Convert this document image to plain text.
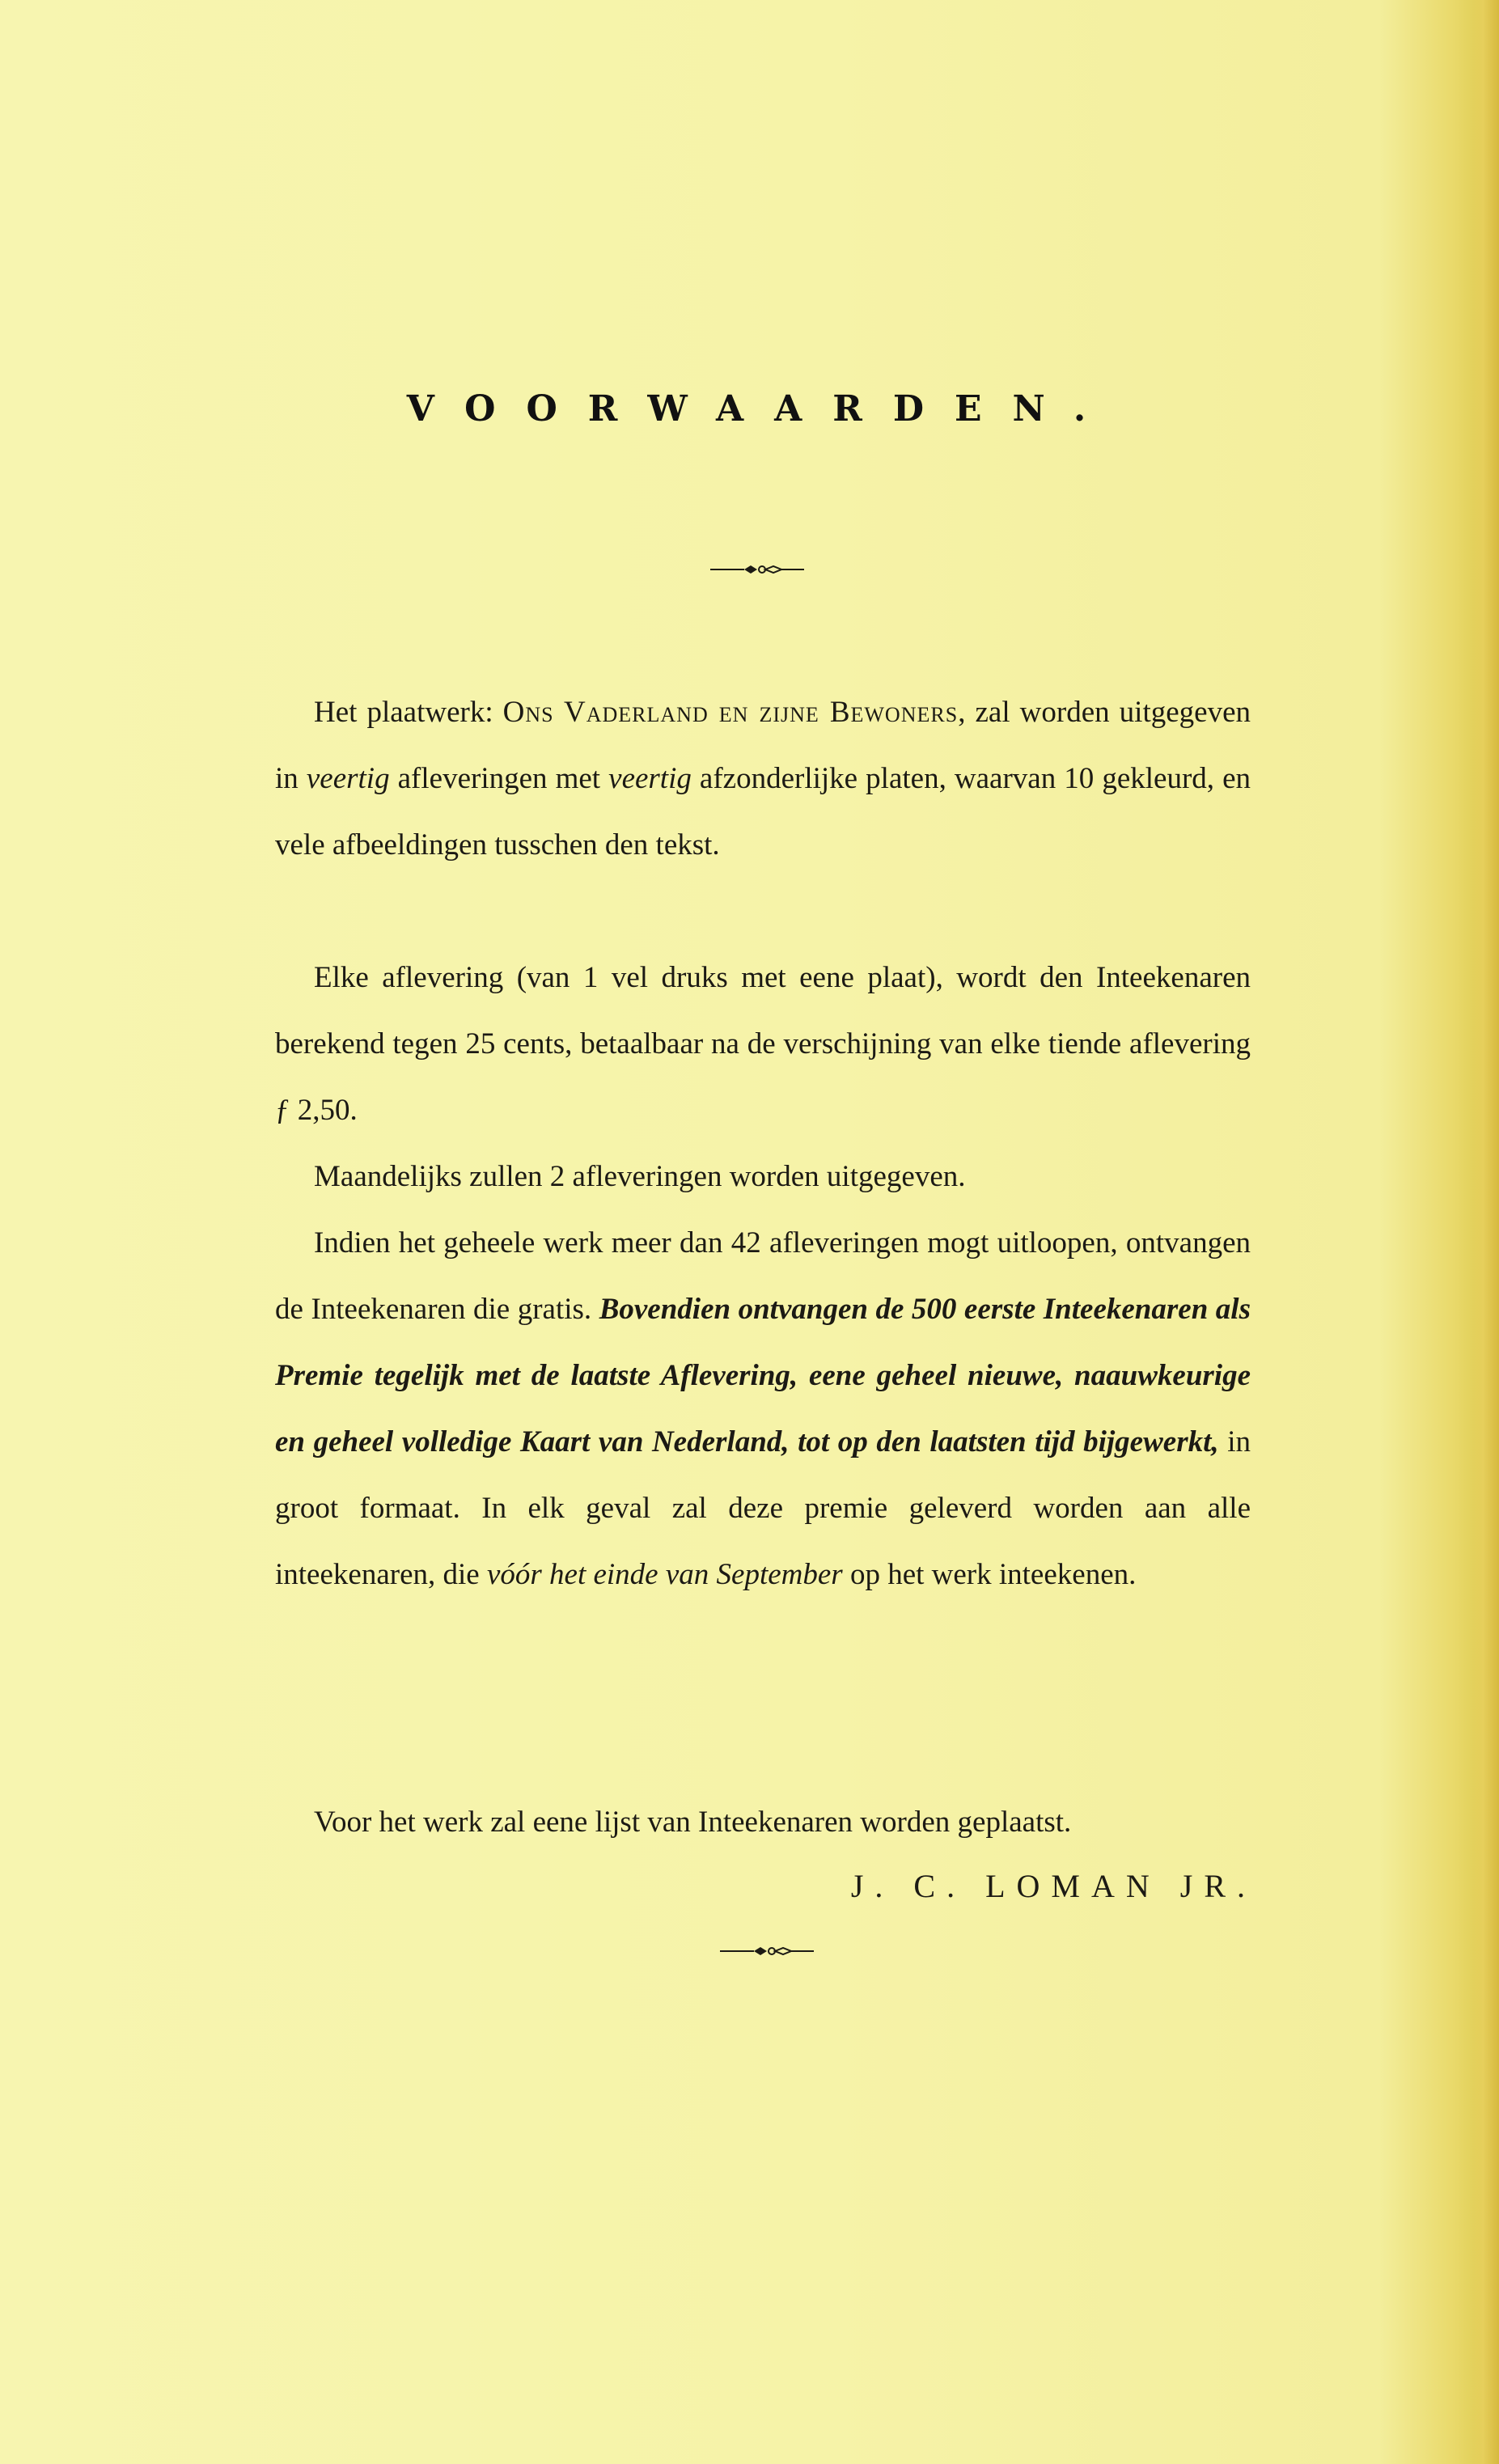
VOORWAARDEN.

Het plaatwerk: Ons Vaderland en zijne Bewoners, zal worden uitgegeven in veertig afleveringen met veertig afzonderlijke platen, waarvan 10 gekleurd, en vele afbeeldingen tusschen den tekst.

Elke aflevering (van 1 vel druks met eene plaat), wordt den Inteekenaren berekend tegen 25 cents, betaalbaar na de verschijning van elke tiende aflevering ƒ 2,50.

Maandelijks zullen 2 afleveringen worden uitgegeven.

Indien het geheele werk meer dan 42 afleveringen mogt uitloopen, ontvangen de Inteekenaren die gratis. Bovendien ontvangen de 500 eerste Inteekenaren als Premie tegelijk met de laatste Aflevering, eene geheel nieuwe, naauwkeurige en geheel volledige Kaart van Nederland, tot op den laatsten tijd bijgewerkt, in groot formaat. In elk geval zal deze premie geleverd worden aan alle inteekenaren, die vóór het einde van September op het werk inteekenen.

Voor het werk zal eene lijst van Inteekenaren worden geplaatst.

J. C. LOMAN JR.
